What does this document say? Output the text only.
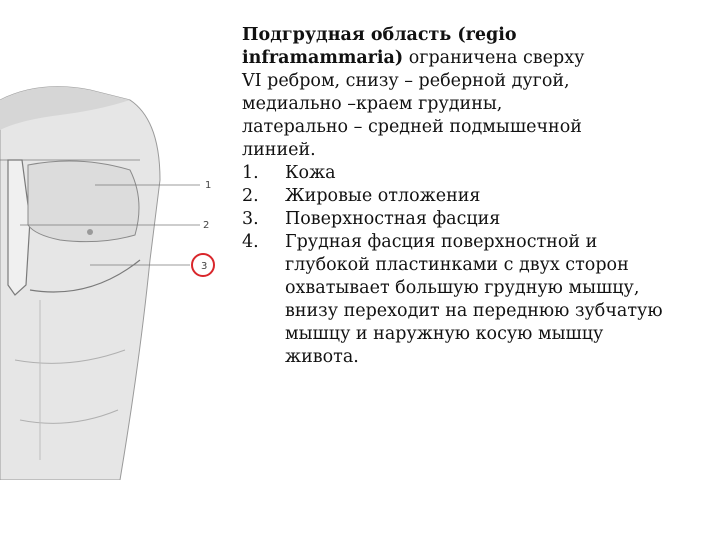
1
2
3

Подгрудная область (regio

inframammaria) ограничена сверху

VI ребром, снизу – реберной дугой,

медиально –краем грудины,

латерально – средней подмышечной

линией.

1.	Кожа
2.	Жировые отложения
3.	Поверхностная фасция
4.	Грудная фасция поверхностной и глубокой пластинками с двух сторон охватывает большую грудную мышцу, внизу переходит на переднюю зубчатую мышцу и наружную косую мышцу живота.
